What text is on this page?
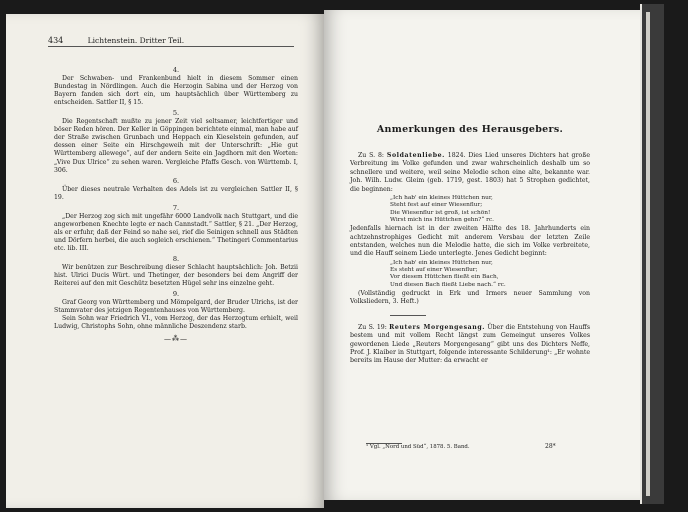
434	Lichtenstein. Dritter Teil.
4.
Der Schwaben- und Frankenbund hielt in diesem Sommer einen Bundestag in Nördlingen. Auch die Herzogin Sabina und der Herzog von Bayern fanden sich dort ein, um hauptsächlich über Württemberg zu entscheiden. Sattler II, § 15.
5.
Die Regentschaft mußte zu jener Zeit viel seltsamer, leichtfertiger und böser Reden hören. Der Keller in Göppingen berichtete einmal, man habe auf der Straße zwischen Grunbach und Heppach ein Kieselstein gefunden, auf dessen einer Seite ein Hirschgeweih mit der Unterschrift: „Hie gut Württemberg allewege“, auf der andern Seite ein Jagdhorn mit den Worten: „Vive Dux Ulrice“ zu sehen waren. Vergleiche Pfaffs Gesch. von Württemb. I, 306.
6.
Über dieses neutrale Verhalten des Adels ist zu vergleichen Sattler II, § 19.
7.
„Der Herzog zog sich mit ungefähr 6000 Landvolk nach Stuttgart, und die angeworbenen Knechte legte er nach Cannstadt.“ Sattler, § 21. „Der Herzog, als er erfuhr, daß der Feind so nahe sei, rief die Seinigen schnell aus Städten und Dörfern herbei, die auch sogleich erschienen.“ Thetingeri Commentarius etc. lib. III.
8.
Wir benützen zur Beschreibung dieser Schlacht hauptsächlich: Joh. Betzii hist. Ulrici Ducis Würt. und Thetinger, der besonders bei dem Angriff der Reiterei auf den mit Geschütz besetzten Hügel sehr ins einzelne geht.
9.
Graf Georg von Württemberg und Mömpelgard, der Bruder Ulrichs, ist der Stammvater des jetzigen Regentenhauses von Württemberg.
Sein Sohn war Friedrich VI., vom Herzog, der das Herzogtum erhielt, weil Ludwig, Christophs Sohn, ohne männliche Deszendenz starb.
—⁂—
Anmerkungen des Herausgebers.
Zu S. 8: Soldatenliebe. 1824. Dies Lied unseres Dichters hat große Verbreitung im Volke gefunden und zwar wahrscheinlich deshalb um so schnellere und weitere, weil seine Melodie schon eine alte, bekannte war. Joh. Wilh. Ludw. Gleim (geb. 1719, gest. 1803) hat 5 Strophen gedichtet, die beginnen:
„Ich hab' ein kleines Hüttchen nur,
Steht fest auf einer Wiesenflur;
Die Wiesenflur ist groß, ist schön!
Wirst mich ins Hüttchen gehn?“ rc.
Jedenfalls hiernach ist in der zweiten Hälfte des 18. Jahrhunderts ein achtzehnstrophiges Gedicht mit anderem Versbau der letzten Zeile entstanden, welches nun die Melodie hatte, die sich im Volke verbreitete, und die Hauff seinem Liede unterlegte. Jenes Gedicht beginnt:
„Ich hab' ein kleines Hüttchen nur,
Es steht auf einer Wiesenflur;
Vor diesem Hüttchen fließt ein Bach,
Und diesen Bach fließt Liebe nach.“ rc.
(Vollständig gedruckt in Erk und Irmers neuer Sammlung von Volksliedern, 3. Heft.)
Zu S. 19: Reuters Morgengesang. Über die Entstehung von Hauffs bestem und mit vollem Recht längst zum Gemeingut unseres Volkes gewordenen Liede „Reuters Morgengesang“ gibt uns des Dichters Neffe, Prof. J. Klaiber in Stuttgart, folgende interessante Schilderung¹: „Er wohnte bereits im Hause der Mutter: da erwacht er
¹ Vgl. „Nord und Süd“, 1878. 5. Band.	28*
